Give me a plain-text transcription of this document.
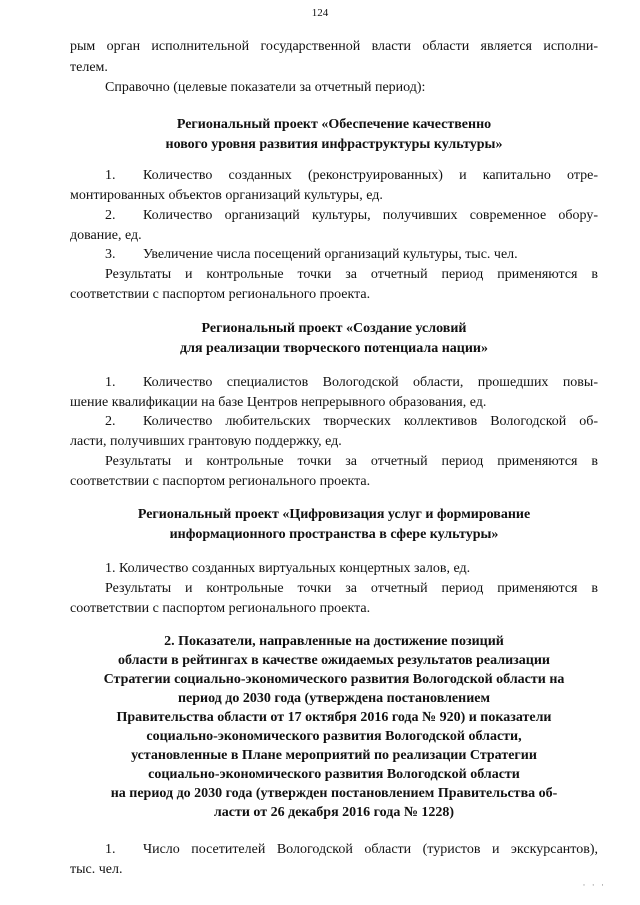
124
рым орган исполнительной государственной власти области является исполни-
телем.
Справочно (целевые показатели за отчетный период):
Региональный проект «Обеспечение качественно
нового уровня развития инфраструктуры культуры»
1.	Количество созданных (реконструированных) и капитально отре-
монтированных объектов организаций культуры, ед.
2.	Количество организаций культуры, получивших современное обору-
дование, ед.
3.	Увеличение числа посещений организаций культуры, тыс. чел.
Результаты и контрольные точки за отчетный период применяются в
соответствии с паспортом регионального проекта.
Региональный проект «Создание условий
для реализации творческого потенциала нации»
1.	Количество специалистов Вологодской области, прошедших повы-
шение квалификации на базе Центров непрерывного образования, ед.
2.	Количество любительских творческих коллективов Вологодской об-
ласти, получивших грантовую поддержку, ед.
Результаты и контрольные точки за отчетный период применяются в
соответствии с паспортом регионального проекта.
Региональный проект «Цифровизация услуг и формирование
информационного пространства в сфере культуры»
1. Количество созданных виртуальных концертных залов, ед.
Результаты и контрольные точки за отчетный период применяются в
соответствии с паспортом регионального проекта.
2. Показатели, направленные на достижение позиций
области в рейтингах в качестве ожидаемых результатов реализации
Стратегии социально-экономического развития Вологодской области на
период до 2030 года (утверждена постановлением
Правительства области от 17 октября 2016 года № 920) и показатели
социально-экономического развития Вологодской области,
установленные в Плане мероприятий по реализации Стратегии
социально-экономического развития Вологодской области
на период до 2030 года (утвержден постановлением Правительства об-
ласти от 26 декабря 2016 года № 1228)
1.	Число посетителей Вологодской области (туристов и экскурсантов),
тыс. чел.
· · ·
